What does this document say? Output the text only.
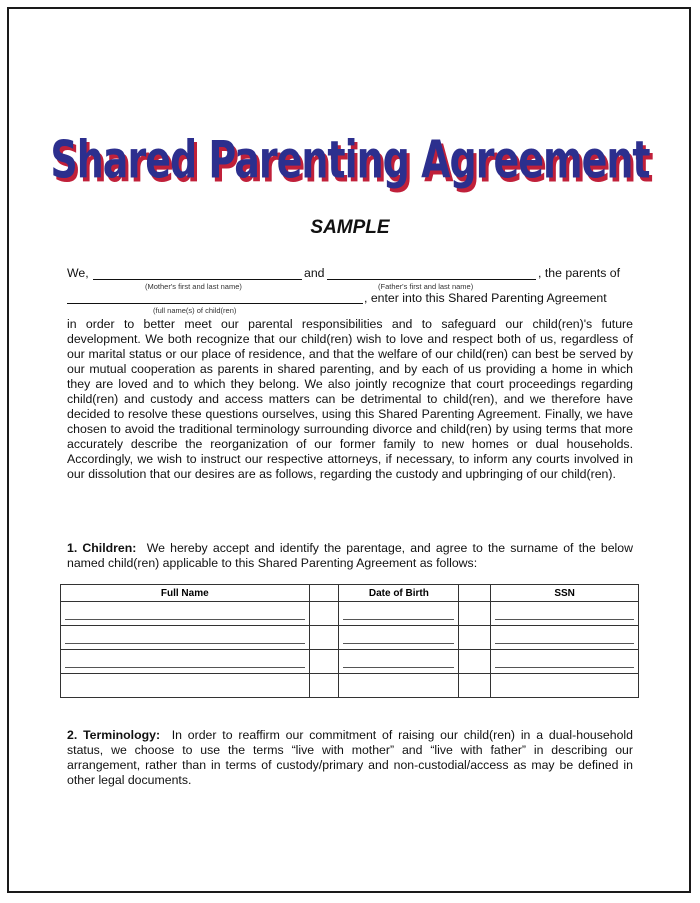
Shared Parenting Agreement
SAMPLE
We,	and	, the parents of
(Mother's first and last name)	(Father's first and last name)
, enter into this Shared Parenting Agreement
(full name(s) of child(ren)

in order to better meet our parental responsibilities and to safeguard our child(ren)'s future development. We both recognize that our child(ren) wish to love and respect both of us, regardless of our marital status or our place of residence, and that the welfare of our child(ren) can best be served by our mutual cooperation as parents in shared parenting, and by each of us providing a home in which they are loved and to which they belong. We also jointly recognize that court proceedings regarding child(ren) and custody and access matters can be detrimental to child(ren), and we therefore have decided to resolve these questions ourselves, using this Shared Parenting Agreement. Finally, we have chosen to avoid the traditional terminology surrounding divorce and child(ren) by using terms that more accurately describe the reorganization of our former family to new homes or dual households. Accordingly, we wish to instruct our respective attorneys, if necessary, to inform any courts involved in our dissolution that our desires are as follows, regarding the custody and upbringing of our child(ren).

1. Children: We hereby accept and identify the parentage, and agree to the surname of the below named child(ren) applicable to this Shared Parenting Agreement as follows:

Full Name		Date of Birth		SSN

2. Terminology: In order to reaffirm our commitment of raising our child(ren) in a dual-household status, we choose to use the terms “live with mother” and “live with father” in describing our arrangement, rather than in terms of custody/primary and non-custodial/access as may be defined in other legal documents.
